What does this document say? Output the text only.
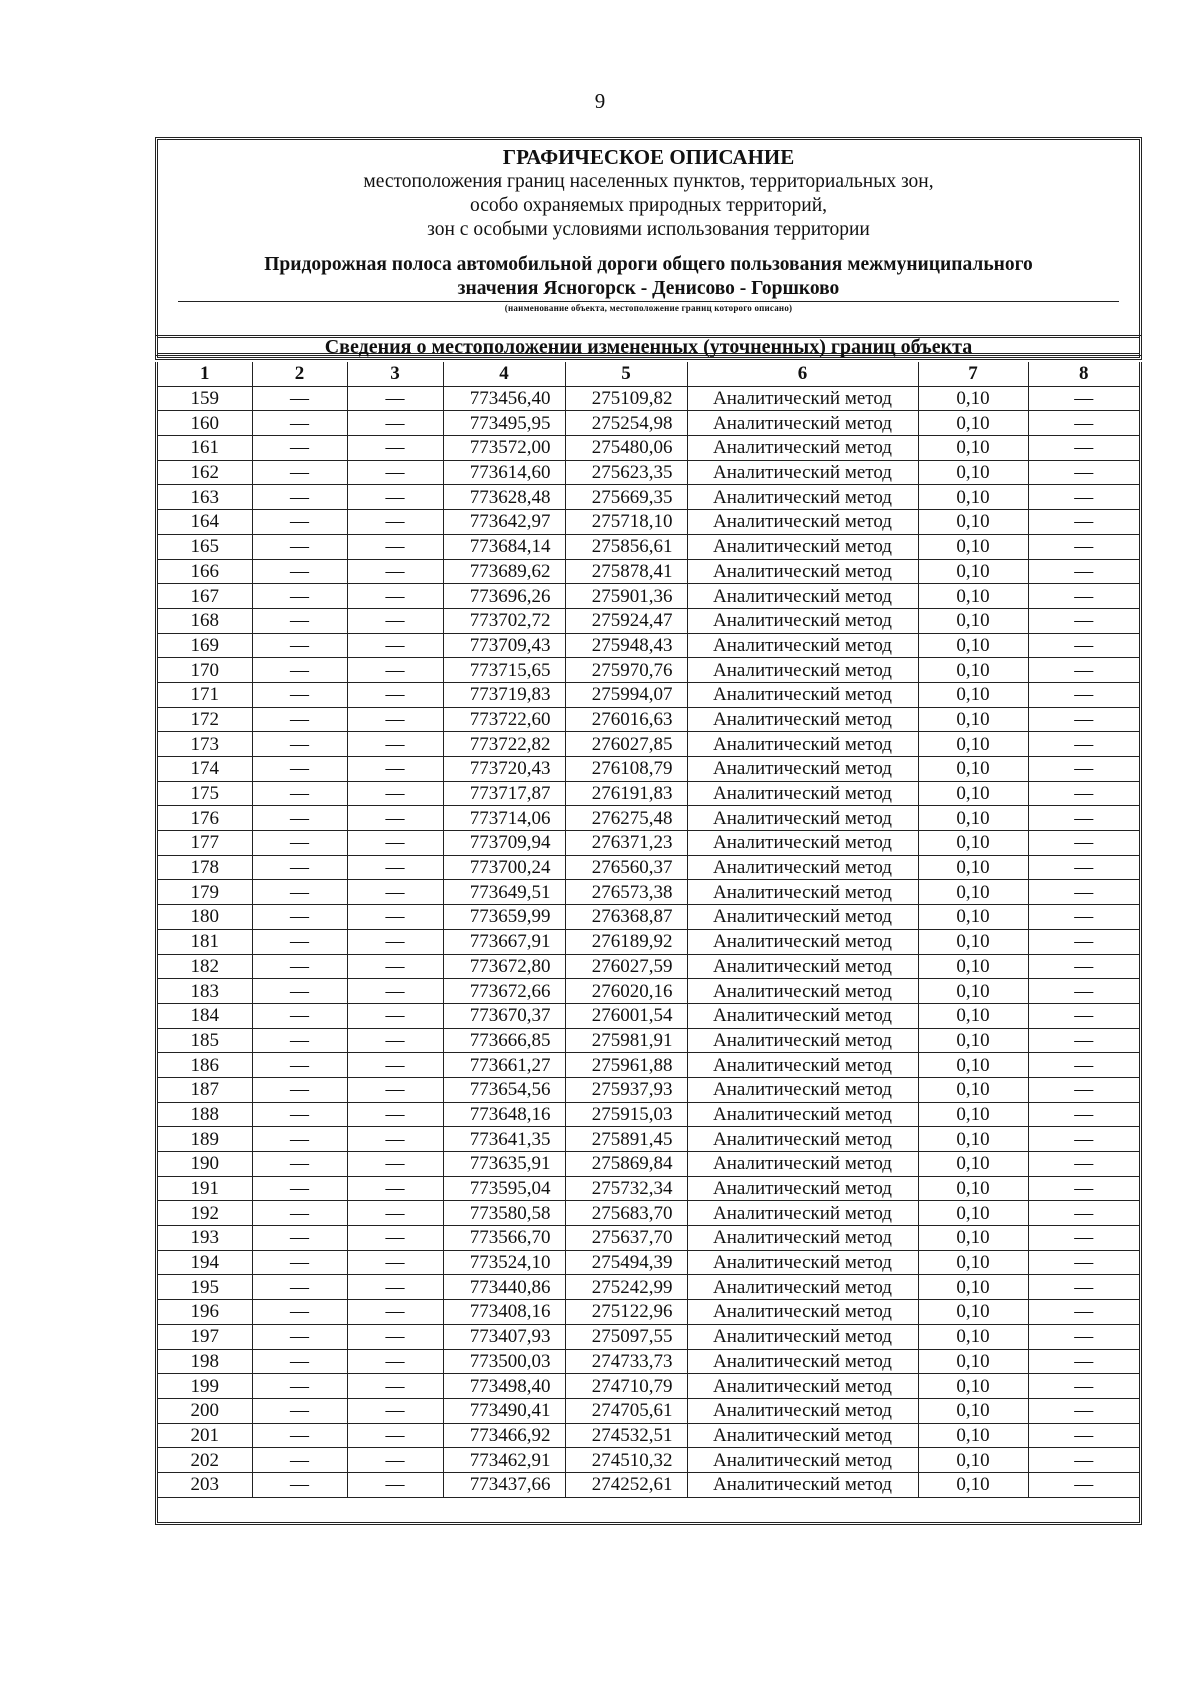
9
ГРАФИЧЕСКОЕ ОПИСАНИЕ
местоположения границ населенных пунктов, территориальных зон,
особо охраняемых природных территорий,
зон с особыми условиями использования территории
Придорожная полоса автомобильной дороги общего пользования межмуниципального
значения Ясногорск - Денисово - Горшково
(наименование объекта, местоположение границ которого описано)
Сведения о местоположении измененных (уточненных) границ объекта
1	2	3	4	5	6	7	8
159	—	—	773456,40	275109,82	Аналитический метод	0,10	—
160	—	—	773495,95	275254,98	Аналитический метод	0,10	—
161	—	—	773572,00	275480,06	Аналитический метод	0,10	—
162	—	—	773614,60	275623,35	Аналитический метод	0,10	—
163	—	—	773628,48	275669,35	Аналитический метод	0,10	—
164	—	—	773642,97	275718,10	Аналитический метод	0,10	—
165	—	—	773684,14	275856,61	Аналитический метод	0,10	—
166	—	—	773689,62	275878,41	Аналитический метод	0,10	—
167	—	—	773696,26	275901,36	Аналитический метод	0,10	—
168	—	—	773702,72	275924,47	Аналитический метод	0,10	—
169	—	—	773709,43	275948,43	Аналитический метод	0,10	—
170	—	—	773715,65	275970,76	Аналитический метод	0,10	—
171	—	—	773719,83	275994,07	Аналитический метод	0,10	—
172	—	—	773722,60	276016,63	Аналитический метод	0,10	—
173	—	—	773722,82	276027,85	Аналитический метод	0,10	—
174	—	—	773720,43	276108,79	Аналитический метод	0,10	—
175	—	—	773717,87	276191,83	Аналитический метод	0,10	—
176	—	—	773714,06	276275,48	Аналитический метод	0,10	—
177	—	—	773709,94	276371,23	Аналитический метод	0,10	—
178	—	—	773700,24	276560,37	Аналитический метод	0,10	—
179	—	—	773649,51	276573,38	Аналитический метод	0,10	—
180	—	—	773659,99	276368,87	Аналитический метод	0,10	—
181	—	—	773667,91	276189,92	Аналитический метод	0,10	—
182	—	—	773672,80	276027,59	Аналитический метод	0,10	—
183	—	—	773672,66	276020,16	Аналитический метод	0,10	—
184	—	—	773670,37	276001,54	Аналитический метод	0,10	—
185	—	—	773666,85	275981,91	Аналитический метод	0,10	—
186	—	—	773661,27	275961,88	Аналитический метод	0,10	—
187	—	—	773654,56	275937,93	Аналитический метод	0,10	—
188	—	—	773648,16	275915,03	Аналитический метод	0,10	—
189	—	—	773641,35	275891,45	Аналитический метод	0,10	—
190	—	—	773635,91	275869,84	Аналитический метод	0,10	—
191	—	—	773595,04	275732,34	Аналитический метод	0,10	—
192	—	—	773580,58	275683,70	Аналитический метод	0,10	—
193	—	—	773566,70	275637,70	Аналитический метод	0,10	—
194	—	—	773524,10	275494,39	Аналитический метод	0,10	—
195	—	—	773440,86	275242,99	Аналитический метод	0,10	—
196	—	—	773408,16	275122,96	Аналитический метод	0,10	—
197	—	—	773407,93	275097,55	Аналитический метод	0,10	—
198	—	—	773500,03	274733,73	Аналитический метод	0,10	—
199	—	—	773498,40	274710,79	Аналитический метод	0,10	—
200	—	—	773490,41	274705,61	Аналитический метод	0,10	—
201	—	—	773466,92	274532,51	Аналитический метод	0,10	—
202	—	—	773462,91	274510,32	Аналитический метод	0,10	—
203	—	—	773437,66	274252,61	Аналитический метод	0,10	—
